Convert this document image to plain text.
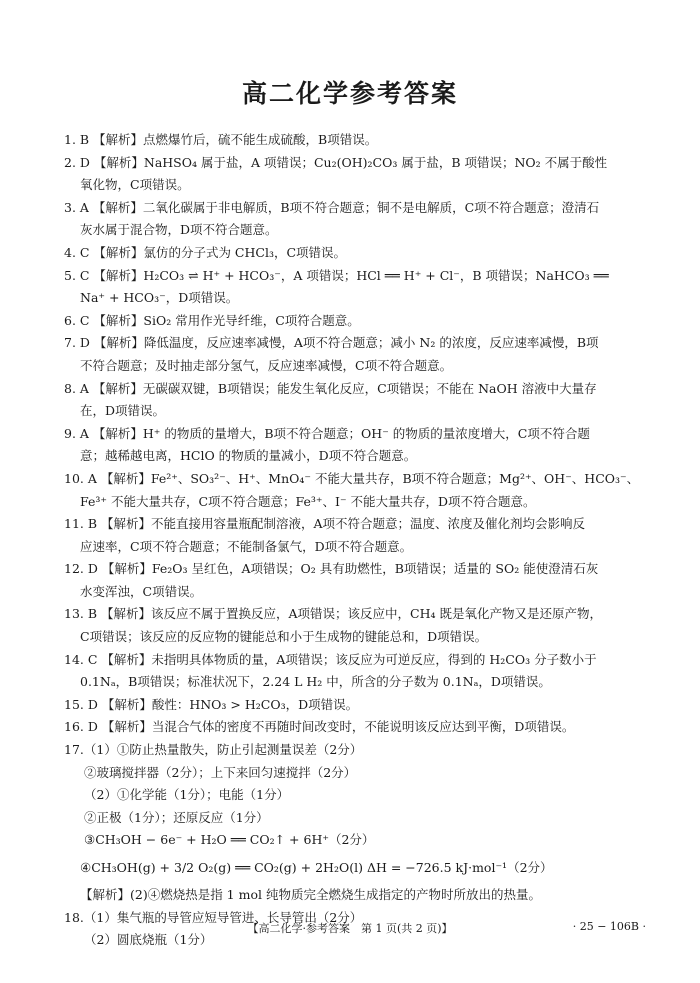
高二化学参考答案
1. B 【解析】点燃爆竹后，硫不能生成硫酸，B项错误。
2. D 【解析】NaHSO₄ 属于盐，A 项错误；Cu₂(OH)₂CO₃ 属于盐，B 项错误；NO₂ 不属于酸性
氧化物，C项错误。
3. A 【解析】二氧化碳属于非电解质，B项不符合题意；铜不是电解质，C项不符合题意；澄清石
灰水属于混合物，D项不符合题意。
4. C 【解析】氯仿的分子式为 CHCl₃，C项错误。
5. C 【解析】H₂CO₃ ⇌ H⁺ + HCO₃⁻，A 项错误；HCl ══ H⁺ + Cl⁻，B 项错误；NaHCO₃ ══
Na⁺ + HCO₃⁻，D项错误。
6. C 【解析】SiO₂ 常用作光导纤维，C项符合题意。
7. D 【解析】降低温度，反应速率减慢，A项不符合题意；减小 N₂ 的浓度，反应速率减慢，B项
不符合题意；及时抽走部分氢气，反应速率减慢，C项不符合题意。
8. A 【解析】无碳碳双键，B项错误；能发生氧化反应，C项错误；不能在 NaOH 溶液中大量存
在，D项错误。
9. A 【解析】H⁺ 的物质的量增大，B项不符合题意；OH⁻ 的物质的量浓度增大，C项不符合题
意；越稀越电离，HClO 的物质的量减小，D项不符合题意。
10. A 【解析】Fe²⁺、SO₃²⁻、H⁺、MnO₄⁻ 不能大量共存，B项不符合题意；Mg²⁺、OH⁻、HCO₃⁻、
Fe³⁺ 不能大量共存，C项不符合题意；Fe³⁺、I⁻ 不能大量共存，D项不符合题意。
11. B 【解析】不能直接用容量瓶配制溶液，A项不符合题意；温度、浓度及催化剂均会影响反
应速率，C项不符合题意；不能制备氯气，D项不符合题意。
12. D 【解析】Fe₂O₃ 呈红色，A项错误；O₂ 具有助燃性，B项错误；适量的 SO₂ 能使澄清石灰
水变浑浊，C项错误。
13. B 【解析】该反应不属于置换反应，A项错误；该反应中，CH₄ 既是氧化产物又是还原产物，
C项错误；该反应的反应物的键能总和小于生成物的键能总和，D项错误。
14. C 【解析】未指明具体物质的量，A项错误；该反应为可逆反应，得到的 H₂CO₃ 分子数小于
0.1Nₐ，B项错误；标准状况下，2.24 L H₂ 中，所含的分子数为 0.1Nₐ，D项错误。
15. D 【解析】酸性：HNO₃ > H₂CO₃，D项错误。
16. D 【解析】当混合气体的密度不再随时间改变时，不能说明该反应达到平衡，D项错误。
17.（1）①防止热量散失，防止引起测量误差（2分）
②玻璃搅拌器（2分）；上下来回匀速搅拌（2分）
（2）①化学能（1分）；电能（1分）
②正极（1分）；还原反应（1分）
③CH₃OH − 6e⁻ + H₂O ══ CO₂↑ + 6H⁺（2分）
④CH₃OH(g) + 3/2 O₂(g) ══ CO₂(g) + 2H₂O(l) ΔH = −726.5 kJ·mol⁻¹（2分）
【解析】(2)④燃烧热是指 1 mol 纯物质完全燃烧生成指定的产物时所放出的热量。
18.（1）集气瓶的导管应短导管进、长导管出（2分）
（2）圆底烧瓶（1分）
【高二化学·参考答案　第 1 页(共 2 页)】	· 25 − 106B ·
